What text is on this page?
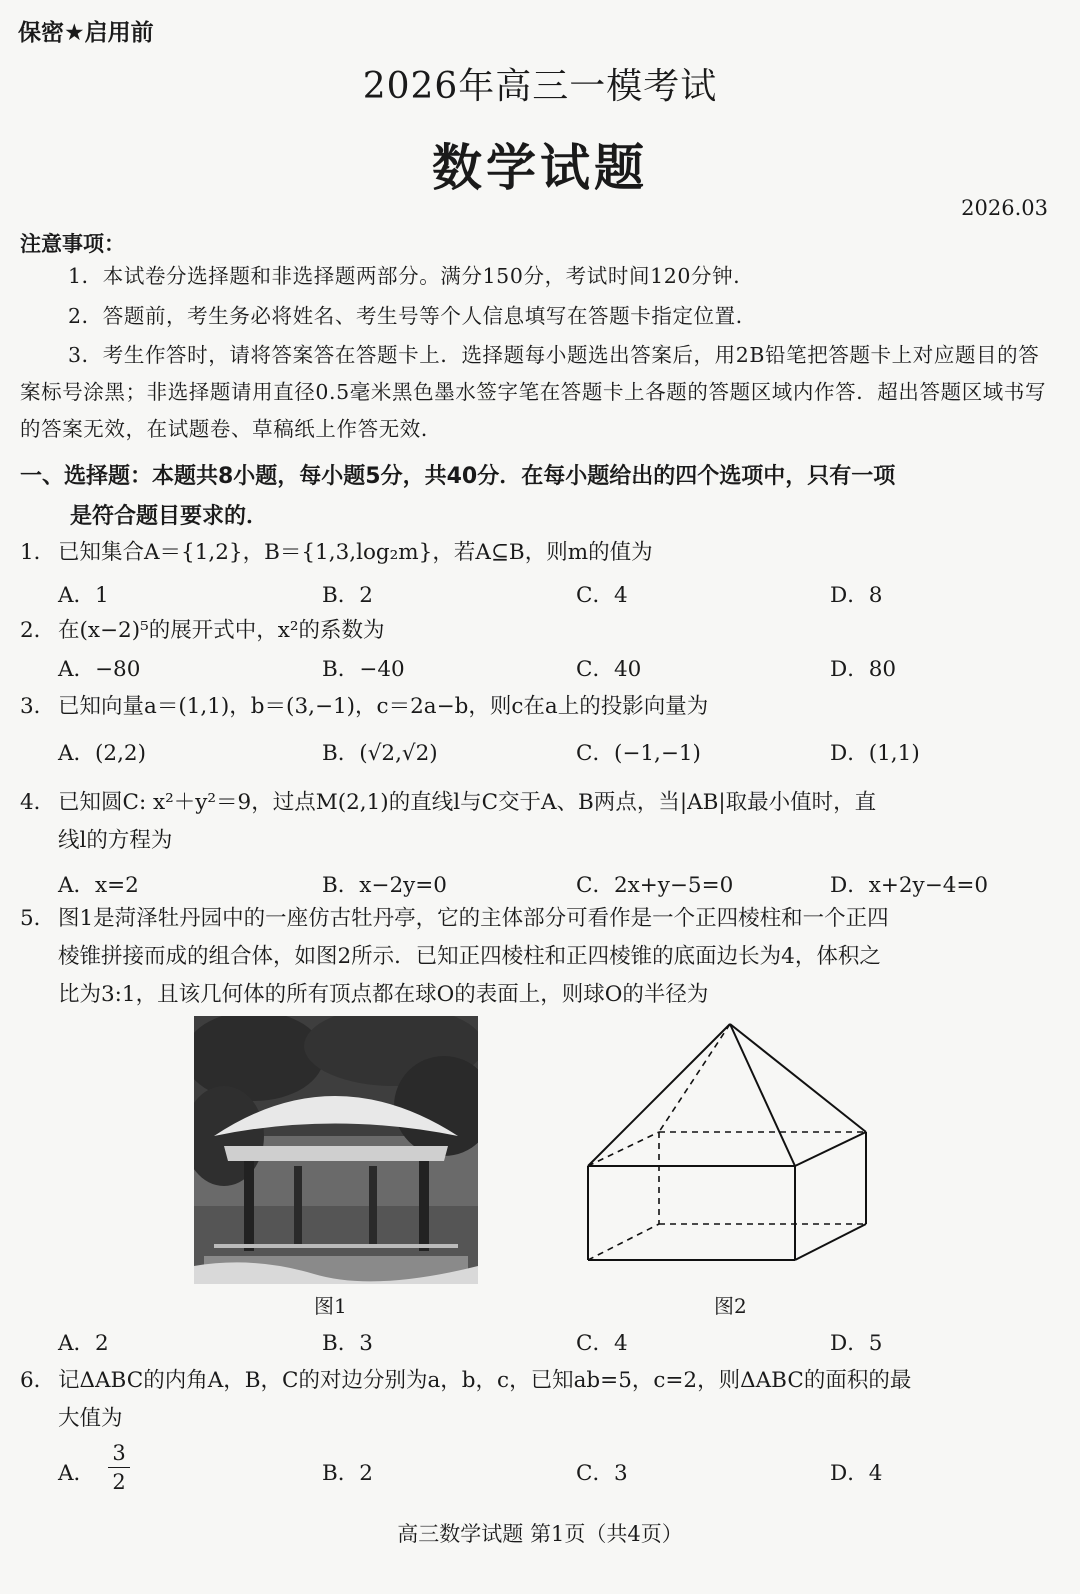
保密★启用前
2026年高三一模考试
数学试题
2026.03
注意事项：
1．本试卷分选择题和非选择题两部分。满分150分，考试时间120分钟．
2．答题前，考生务必将姓名、考生号等个人信息填写在答题卡指定位置．
3．考生作答时，请将答案答在答题卡上．选择题每小题选出答案后，用2B铅笔把答题卡上对应题目的答案标号涂黑；非选择题请用直径0.5毫米黑色墨水签字笔在答题卡上各题的答题区域内作答．超出答题区域书写的答案无效，在试题卷、草稿纸上作答无效．
一、选择题：本题共8小题，每小题5分，共40分．在每小题给出的四个选项中，只有一项
是符合题目要求的．
1． 已知集合A＝{1,2}，B＝{1,3,log₂m}，若A⊆B，则m的值为
A．1	B．2	C．4	D．8
2． 在(x−2)⁵的展开式中，x²的系数为
A．−80	B．−40	C．40	D．80
3． 已知向量a＝(1,1)，b＝(3,−1)，c＝2a−b，则c在a上的投影向量为
A．(2,2)	B．(√2,√2)	C．(−1,−1)	D．(1,1)
4． 已知圆C: x²＋y²＝9，过点M(2,1)的直线l与C交于A、B两点，当|AB|取最小值时，直
线l的方程为
A．x=2	B．x−2y=0	C．2x+y−5=0	D．x+2y−4=0
5． 图1是菏泽牡丹园中的一座仿古牡丹亭，它的主体部分可看作是一个正四棱柱和一个正四
棱锥拼接而成的组合体，如图2所示．已知正四棱柱和正四棱锥的底面边长为4，体积之
比为3:1，且该几何体的所有顶点都在球O的表面上，则球O的半径为
图1	图2
A．2	B．3	C．4	D．5
6． 记ΔABC的内角A，B，C的对边分别为a，b，c，已知ab=5，c=2，则ΔABC的面积的最
大值为
A．
3
2	B．2	C．3	D．4
高三数学试题 第1页（共4页）
